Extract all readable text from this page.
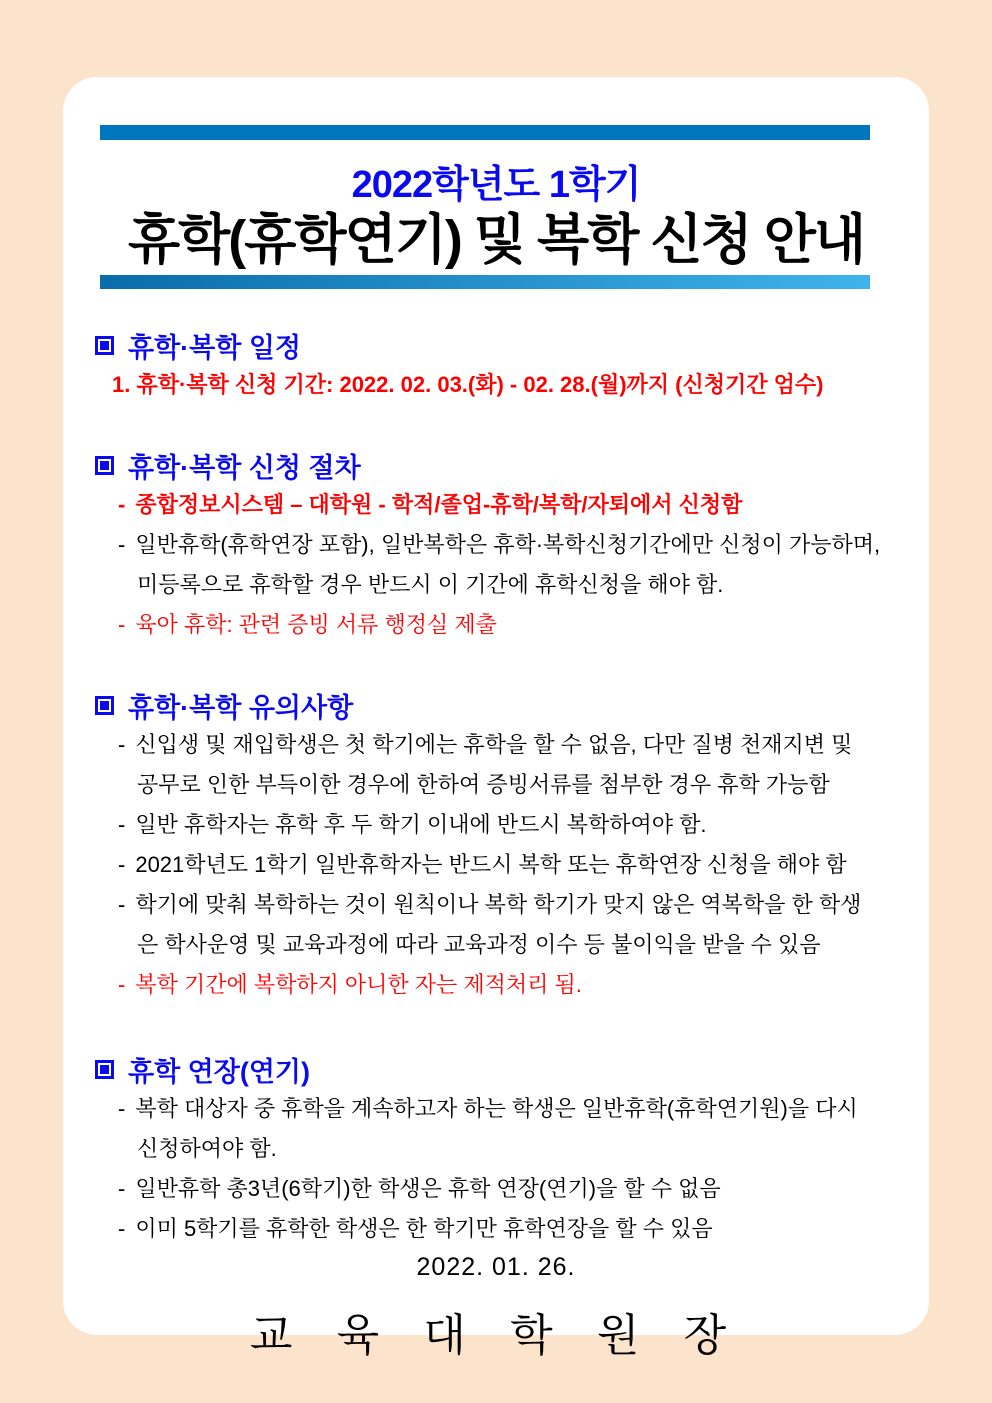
2022학년도 1학기
휴학(휴학연기) 및 복학 신청 안내
휴학·복학 일정
1. 휴학·복학 신청 기간: 2022. 02. 03.(화) - 02. 28.(월)까지 (신청기간 엄수)
휴학·복학 신청 절차
- 종합정보시스템 – 대학원 - 학적/졸업-휴학/복학/자퇴에서 신청함
- 일반휴학(휴학연장 포함), 일반복학은 휴학·복학신청기간에만 신청이 가능하며,
미등록으로 휴학할 경우 반드시 이 기간에 휴학신청을 해야 함.
- 육아 휴학: 관련 증빙 서류 행정실 제출
휴학·복학 유의사항
- 신입생 및 재입학생은 첫 학기에는 휴학을 할 수 없음, 다만 질병 천재지변 및
공무로 인한 부득이한 경우에 한하여 증빙서류를 첨부한 경우 휴학 가능함
- 일반 휴학자는 휴학 후 두 학기 이내에 반드시 복학하여야 함.
- 2021학년도 1학기 일반휴학자는 반드시 복학 또는 휴학연장 신청을 해야 함
- 학기에 맞춰 복학하는 것이 원칙이나 복학 학기가 맞지 않은 역복학을 한 학생
은 학사운영 및 교육과정에 따라 교육과정 이수 등 불이익을 받을 수 있음
- 복학 기간에 복학하지 아니한 자는 제적처리 됨.
휴학 연장(연기)
- 복학 대상자 중 휴학을 계속하고자 하는 학생은 일반휴학(휴학연기원)을 다시
신청하여야 함.
- 일반휴학 총3년(6학기)한 학생은 휴학 연장(연기)을 할 수 없음
- 이미 5학기를 휴학한 학생은 한 학기만 휴학연장을 할 수 있음
2022. 01. 26.
교 육 대 학 원 장
